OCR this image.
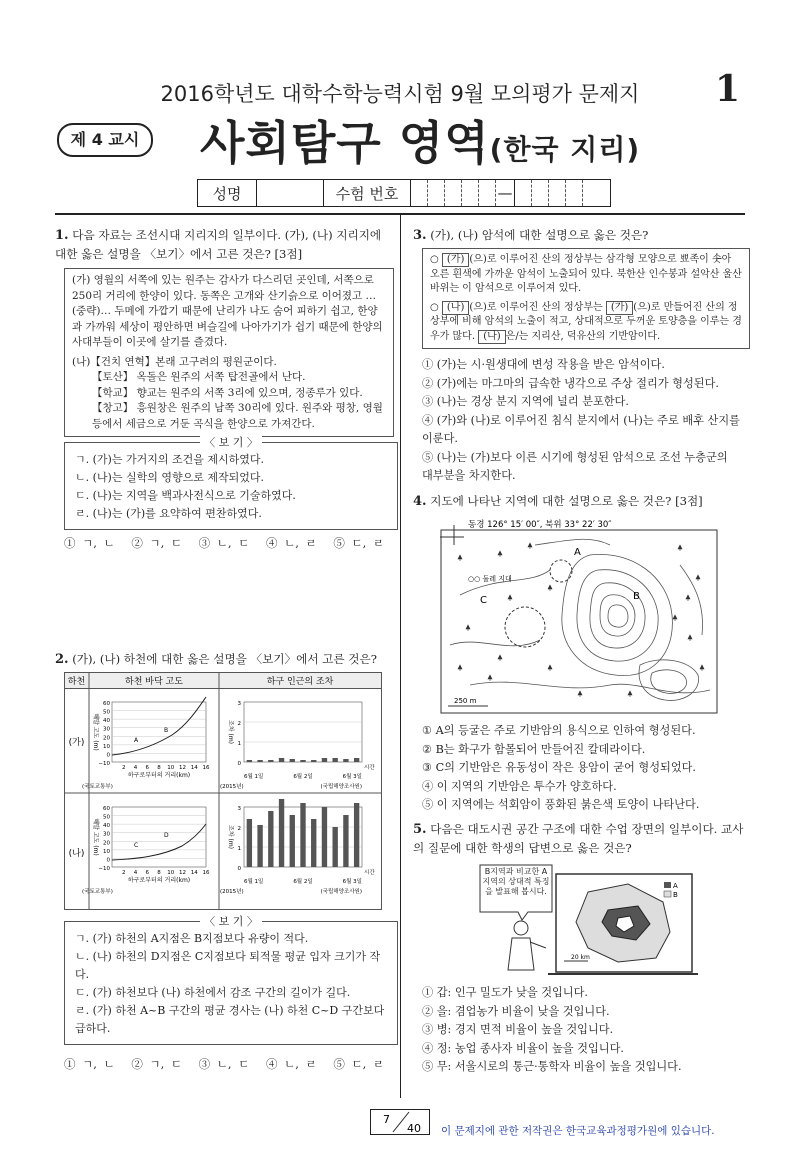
2016학년도 대학수학능력시험 9월 모의평가 문제지	1
제 4 교시 사회탐구 영역(한국 지리)
성명	수험 번호	—
1. 다음 자료는 조선시대 지리지의 일부이다. (가), (나) 지리지에 대한 옳은 설명을 〈보기〉에서 고른 것은? [3점]
(가) 영월의 서쪽에 있는 원주는 감사가 다스리던 곳인데, 서쪽으로 250리 거리에 한양이 있다. 동쪽은 고개와 산기슭으로 이어졌고 …(중략)… 두메에 가깝기 때문에 난리가 나도 숨어 피하기 쉽고, 한양과 가까워 세상이 평안하면 벼슬길에 나아가기가 쉽기 때문에 한양의 사대부들이 이곳에 살기를 즐겼다.
(나)【건치 연혁】본래 고구려의 평원군이다.
【토산】 옥돌은 원주의 서쪽 탑전골에서 난다.
【학교】 향교는 원주의 서쪽 3리에 있으며, 정종루가 있다.
【창고】 흥원창은 원주의 남쪽 30리에 있다. 원주와 평창, 영월 등에서 세금으로 거둔 곡식을 한양으로 가져간다.
〈 보 기 〉
ㄱ. (가)는 가거지의 조건을 제시하였다.
ㄴ. (나)는 실학의 영향으로 제작되었다.
ㄷ. (나)는 지역을 백과사전식으로 기술하였다.
ㄹ. (나)는 (가)를 요약하여 편찬하였다.
① ㄱ, ㄴ ② ㄱ, ㄷ ③ ㄴ, ㄷ ④ ㄴ, ㄹ ⑤ ㄷ, ㄹ
2. (가), (나) 하천에 대한 옳은 설명을 〈보기〉에서 고른 것은?
하천	하천 바닥 고도	하구 인근의 조차
(가)
(나)
60
50
40
30
20
10
0
−10
2 4 6 8 10 12 14 16
하구로부터의 거리(km)
해발 고도 (m)	A
B
(국토교통부)
60
50
40
30
20
10
0
−10
2 4 6 8 10 12 14 16
하구로부터의 거리(km)
해발 고도 (m)	C
D
(국토교통부)
3
2
1
0
조차 (m)
시간
6월 1일	6월 2일	6월 3일
(2015년)	(국립해양조사원)
3
2
1
0
조차 (m)
시간
6월 1일	6월 2일	6월 3일
(2015년)	(국립해양조사원)
〈 보 기 〉
ㄱ. (가) 하천의 A지점은 B지점보다 유량이 적다.
ㄴ. (나) 하천의 D지점은 C지점보다 퇴적물 평균 입자 크기가 작다.
ㄷ. (가) 하천보다 (나) 하천에서 감조 구간의 길이가 길다.
ㄹ. (가) 하천 A~B 구간의 평균 경사는 (나) 하천 C~D 구간보다 급하다.
① ㄱ, ㄴ ② ㄱ, ㄷ ③ ㄴ, ㄷ ④ ㄴ, ㄹ ⑤ ㄷ, ㄹ
3. (가), (나) 암석에 대한 설명으로 옳은 것은?
○ (가) (으)로 이루어진 산의 정상부는 삼각형 모양으로 뾰족이 솟아 오른 흰색에 가까운 암석이 노출되어 있다. 북한산 인수봉과 설악산 울산 바위는 이 암석으로 이루어져 있다.
○ (나) (으)로 이루어진 산의 정상부는 (가) (으)로 만들어진 산의 정상부에 비해 암석의 노출이 적고, 상대적으로 두꺼운 토양층을 이루는 경우가 많다. (나) 은/는 지리산, 덕유산의 기반암이다.
① (가)는 시·원생대에 변성 작용을 받은 암석이다.
② (가)에는 마그마의 급속한 냉각으로 주상 절리가 형성된다.
③ (나)는 경상 분지 지역에 널리 분포한다.
④ (가)와 (나)로 이루어진 침식 분지에서 (나)는 주로 배후 산지를 이룬다.
⑤ (나)는 (가)보다 이른 시기에 형성된 암석으로 조선 누층군의 대부분을 차지한다.
4. 지도에 나타난 지역에 대한 설명으로 옳은 것은? [3점]
동경 126° 15′ 00″, 북위 33° 22′ 30″
A
B
C
○○ 둘레 지대
250 m
① A의 등굴은 주로 기반암의 용식으로 인하여 형성된다.
② B는 화구가 함몰되어 만들어진 칼데라이다.
③ C의 기반암은 유동성이 작은 용암이 굳어 형성되었다.
④ 이 지역의 기반암은 투수가 양호하다.
⑤ 이 지역에는 석회암이 풍화된 붉은색 토양이 나타난다.
5. 다음은 대도시권 공간 구조에 대한 수업 장면의 일부이다. 교사의 질문에 대한 학생의 답변으로 옳은 것은?
B지역과 비교한 A지역의 상대적 특징을 발표해 봅시다.
A
B
20 km
① 갑: 인구 밀도가 낮을 것입니다.
② 을: 겸업농가 비율이 낮을 것입니다.
③ 병: 경지 면적 비율이 높을 것입니다.
④ 정: 농업 종사자 비율이 높을 것입니다.
⑤ 무: 서울시로의 통근·통학자 비율이 높을 것입니다.
7
40 이 문제지에 관한 저작권은 한국교육과정평가원에 있습니다.
